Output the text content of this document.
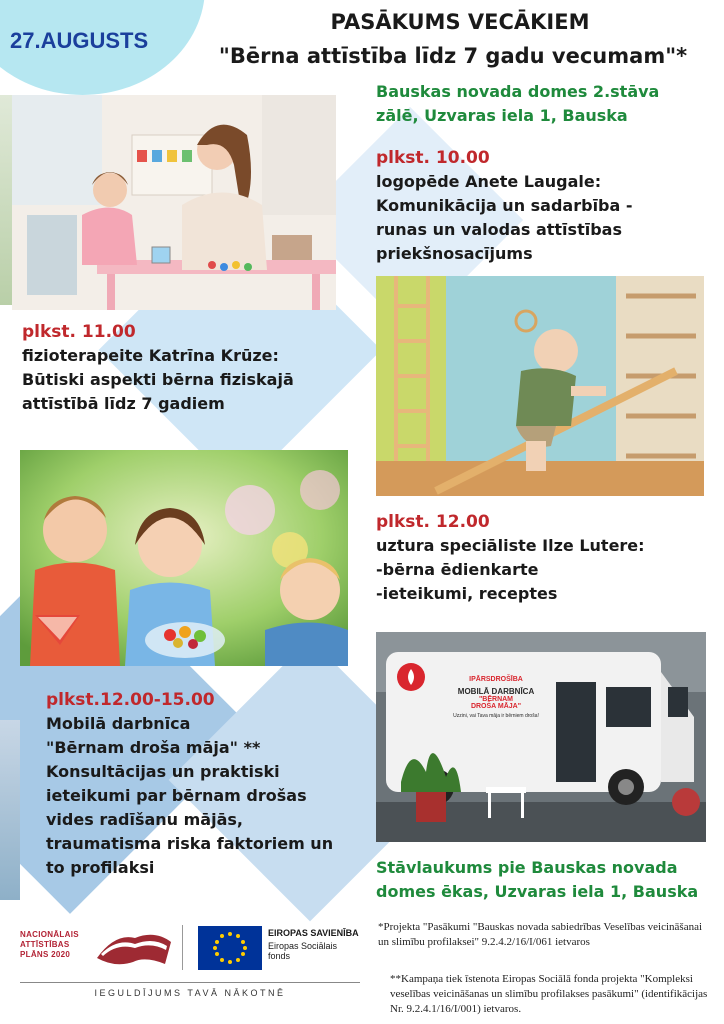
27.AUGUSTS
PASĀKUMS VECĀKIEM
"Bērna attīstība līdz 7 gadu vecumam"*

Bauskas novada domes 2.stāva

zālē, Uzvaras iela 1, Bauska

plkst. 10.00

logopēde Anete Laugale:

Komunikācija un sadarbība -

runas un valodas attīstības

priekšnosacījums

plkst. 11.00

fizioterapeite Katrīna Krūze:

Būtiski aspekti bērna fiziskajā

attīstībā līdz 7 gadiem

plkst. 12.00

uztura speciāliste Ilze Lutere:

-bērna ēdienkarte

-ieteikumi, receptes

IPĀRSDROŠĪBA
MOBILĀ DARBNĪCA
"BĒRNAM
DROŠA MĀJA"
Uzzini, vai Tava māja ir bērniem droša!

plkst.12.00-15.00

Mobilā darbnīca

"Bērnam droša māja" **

Konsultācijas un praktiski

ieteikumi par bērnam drošas

vides radīšanu mājās,

traumatisma riska faktoriem un

to profilaksi	Stāvlaukums pie Bauskas novada

domes ēkas, Uzvaras iela 1, Bauska

NACIONĀLAIS
ATTĪSTĪBAS
PLĀNS 2020
EIROPAS SAVIENĪBA
Eiropas Sociālais
fonds
IEGULDĪJUMS TAVĀ NĀKOTNĒ
*Projekta "Pasākumi "Bauskas novada sabiedrības Veselības veicināšanai un slimību profilaksei" 9.2.4.2/16/I/061 ietvaros
**Kampaņa tiek īstenota Eiropas Sociālā fonda projekta "Kompleksi veselības veicināšanas un slimību profilakses pasākumi" (identifikācijas Nr. 9.2.4.1/16/I/001) ietvaros.
